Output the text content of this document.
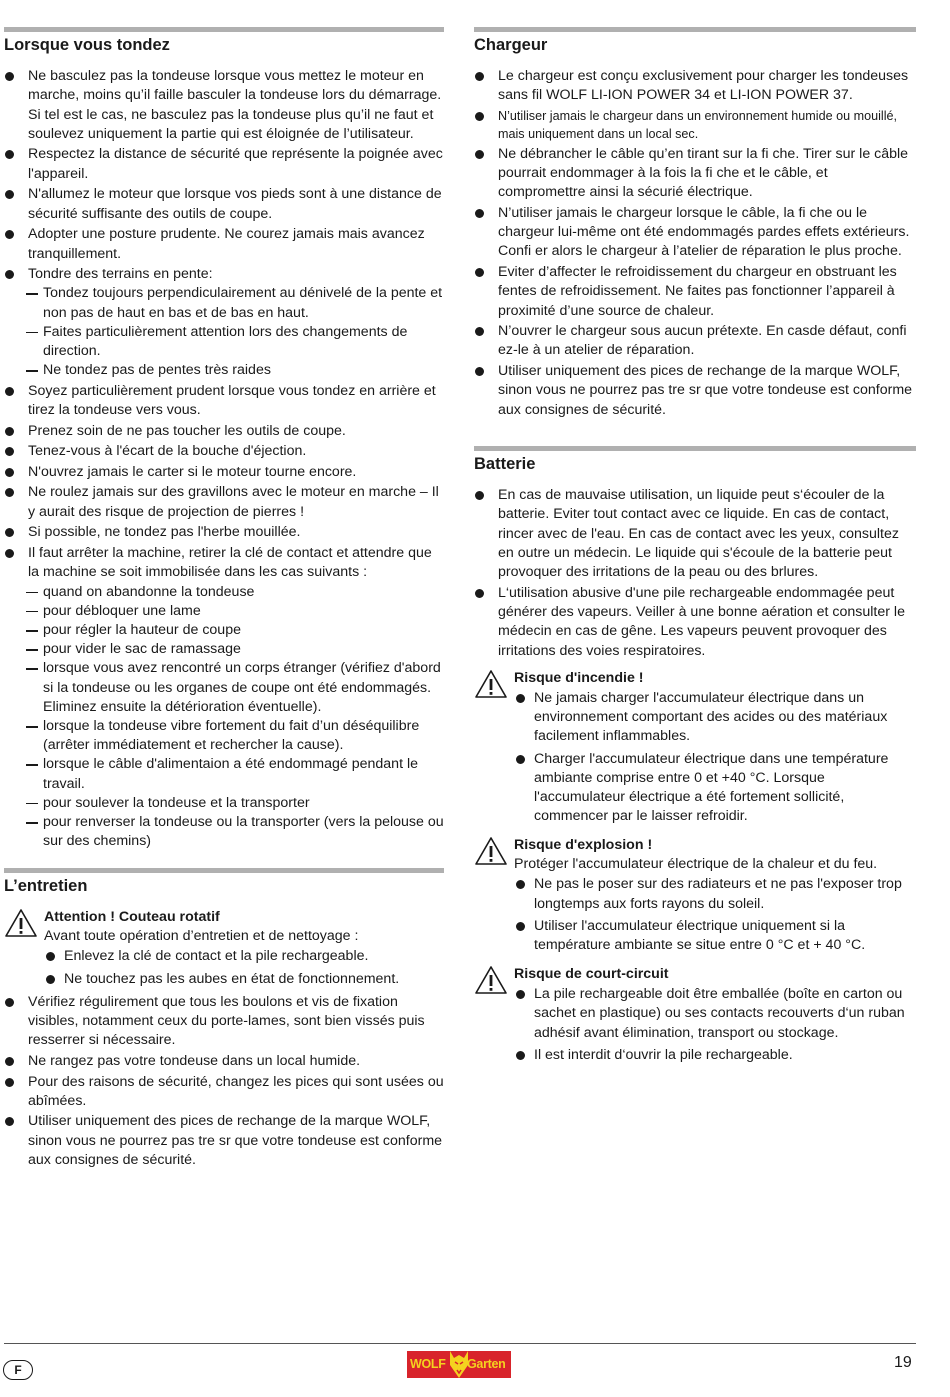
Lorsque vous tondez
Ne basculez pas la tondeuse lorsque vous mettez le moteur en marche, moins qu’il faille basculer la tondeuse lors du démarrage. Si tel est le cas, ne basculez pas la tondeuse plus qu’il ne faut et soulevez uniquement la partie qui est éloignée de l’utilisateur.
Respectez la distance de sécurité que représente la poignée avec l'appareil.
N'allumez le moteur que lorsque vos pieds sont à une distance de sécurité suffisante des outils de coupe.
Adopter une posture prudente. Ne courez jamais mais avancez tranquillement.
Tondre des terrains en pente:
Tondez toujours perpendiculairement au dénivelé de la pente et non pas de haut en bas et de bas en haut.
Faites particulièrement attention lors des changements de direction.
Ne tondez pas de pentes très raides
Soyez particulièrement prudent lorsque vous tondez en arrière et tirez la tondeuse vers vous.
Prenez soin de ne pas toucher les outils de coupe.
Tenez-vous à l'écart de la bouche d'éjection.
N'ouvrez jamais le carter si le moteur tourne encore.
Ne roulez jamais sur des gravillons avec le moteur en marche – Il y aurait des risque de projection de pierres !
Si possible, ne tondez pas l'herbe mouillée.
Il faut arrêter la machine, retirer la clé de contact et attendre que la machine se soit immobilisée dans les cas suivants :
quand on abandonne la tondeuse
pour débloquer une lame
pour régler la hauteur de coupe
pour vider le sac de ramassage
lorsque vous avez rencontré un corps étranger (vérifiez d'abord si la tondeuse ou les organes de coupe ont été endommagés. Eliminez ensuite la détérioration éventuelle).
lorsque la tondeuse vibre fortement du fait d’un déséquilibre (arrêter immédiatement et rechercher la cause).
lorsque le câble d'alimentaion a été endommagé pendant le travail.
pour soulever la tondeuse et la transporter
pour renverser la tondeuse ou la transporter (vers la pelouse ou sur des chemins)
L’entretien
Attention ! Couteau rotatif
Avant toute opération d’entretien et de nettoyage :
Enlevez la clé de contact et la pile rechargeable.
Ne touchez pas les aubes en état de fonctionnement.
Vérifiez régulirement que tous les boulons et vis de fixation visibles, notamment ceux du porte-lames, sont bien vissés puis resserrer si nécessaire.
Ne rangez pas votre tondeuse dans un local humide.
Pour des raisons de sécurité, changez les pices qui sont usées ou abîmées.
Utiliser uniquement des pices de rechange de la marque WOLF, sinon vous ne pourrez pas tre sr que votre tondeuse est conforme aux consignes de sécurité.
Chargeur
Le chargeur est conçu exclusivement pour charger les tondeuses sans fil WOLF LI-ION POWER 34 et LI-ION POWER 37.
N’utiliser jamais le chargeur dans un environnement humide ou mouillé, mais uniquement dans un local sec.
Ne débrancher le câble qu’en tirant sur la fi che. Tirer sur le câble pourrait endommager à la fois la fi che et le câble, et compromettre ainsi la sécurié électrique.
N’utiliser jamais le chargeur lorsque le câble, la fi che ou le chargeur lui-même ont été endommagés pardes effets extérieurs. Confi er alors le chargeur à l’atelier de réparation le plus proche.
Eviter d’affecter le refroidissement du chargeur en obstruant les fentes de refroidissement. Ne faites pas fonctionner l’appareil à proximité d’une source de chaleur.
N’ouvrer le chargeur sous aucun prétexte. En casde défaut, confi ez-le à un atelier de réparation.
Utiliser uniquement des pices de rechange de la marque WOLF, sinon vous ne pourrez pas tre sr que votre tondeuse est conforme aux consignes de sécurité.
Batterie
En cas de mauvaise utilisation, un liquide peut s‘écouler de la batterie. Eviter tout contact avec ce liquide. En cas de contact, rincer avec de l'eau. En cas de contact avec les yeux, consultez en outre un médecin. Le liquide qui s'écoule de la batterie peut provoquer des irritations de la peau ou des brlures.
L‘utilisation abusive d'une pile rechargeable endommagée peut générer des vapeurs. Veiller à une bonne aération et consulter le médecin en cas de gêne. Les vapeurs peuvent provoquer des irritations des voies respiratoires.
Risque d'incendie !
Ne jamais charger l'accumulateur électrique dans un environnement comportant des acides ou des matériaux facilement inflammables.
Charger l'accumulateur électrique dans une température ambiante comprise entre 0 et +40 °C. Lorsque l'accumulateur électrique a été fortement sollicité, commencer par le laisser refroidir.
Risque d'explosion !
Protéger l'accumulateur électrique de la chaleur et du feu.
Ne pas le poser sur des radiateurs et ne pas l'exposer trop longtemps aux forts rayons du soleil.
Utiliser l'accumulateur électrique uniquement si la température ambiante se situe entre 0 °C et + 40 °C.
Risque de court-circuit
La pile rechargeable doit être emballée (boîte en carton ou sachet en plastique) ou ses contacts recouverts d‘un ruban adhésif avant élimination, transport ou stockage.
Il est interdit d‘ouvrir la pile rechargeable.
F	WOLF Garten	19
